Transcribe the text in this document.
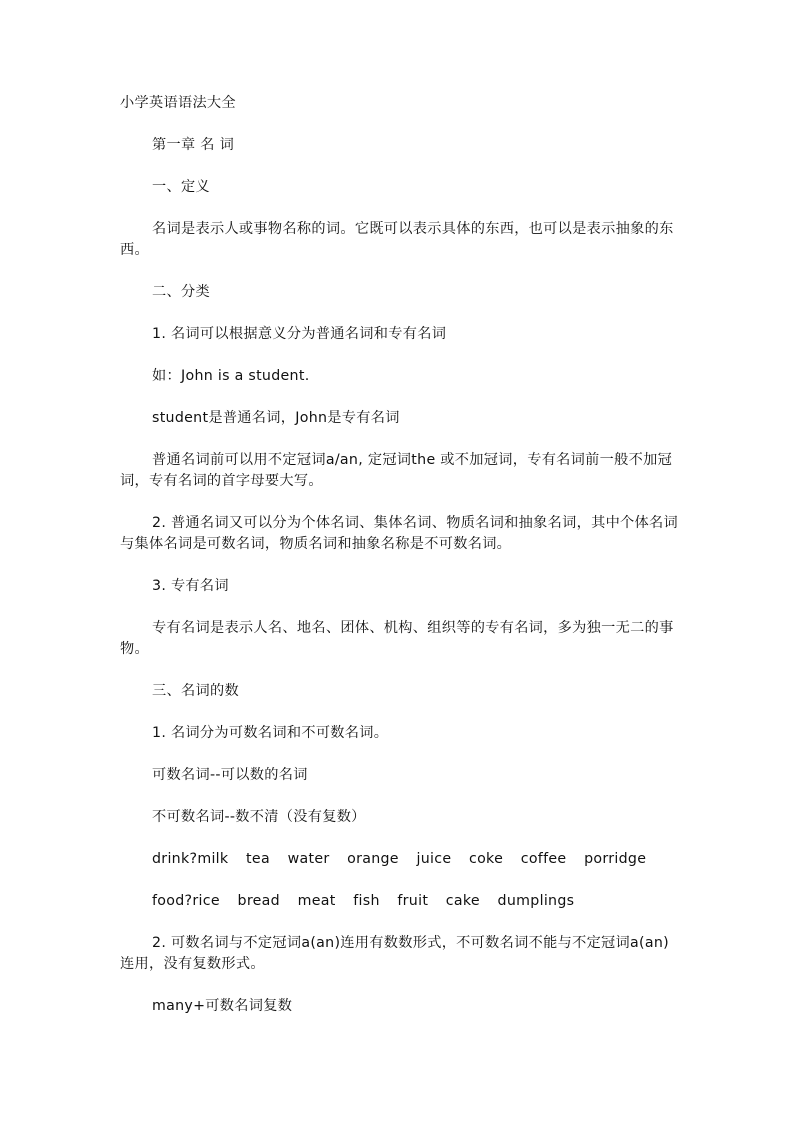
小学英语语法大全

第一章 名 词

一、定义

名词是表示人或事物名称的词。它既可以表示具体的东西，也可以是表示抽象的东西。

二、分类

1. 名词可以根据意义分为普通名词和专有名词

如：John is a student.

student是普通名词，John是专有名词

普通名词前可以用不定冠词a/an, 定冠词the 或不加冠词，专有名词前一般不加冠词，专有名词的首字母要大写。

2. 普通名词又可以分为个体名词、集体名词、物质名词和抽象名词，其中个体名词与集体名词是可数名词，物质名词和抽象名称是不可数名词。

3. 专有名词

专有名词是表示人名、地名、团体、机构、组织等的专有名词，多为独一无二的事物。

三、名词的数

1. 名词分为可数名词和不可数名词。

可数名词--可以数的名词

不可数名词--数不清（没有复数）

drink?milk  tea  water  orange  juice  coke  coffee  porridge

food?rice  bread  meat  fish  fruit  cake  dumplings

2. 可数名词与不定冠词a(an)连用有数数形式，不可数名词不能与不定冠词a(an)连用，没有复数形式。

many+可数名词复数
